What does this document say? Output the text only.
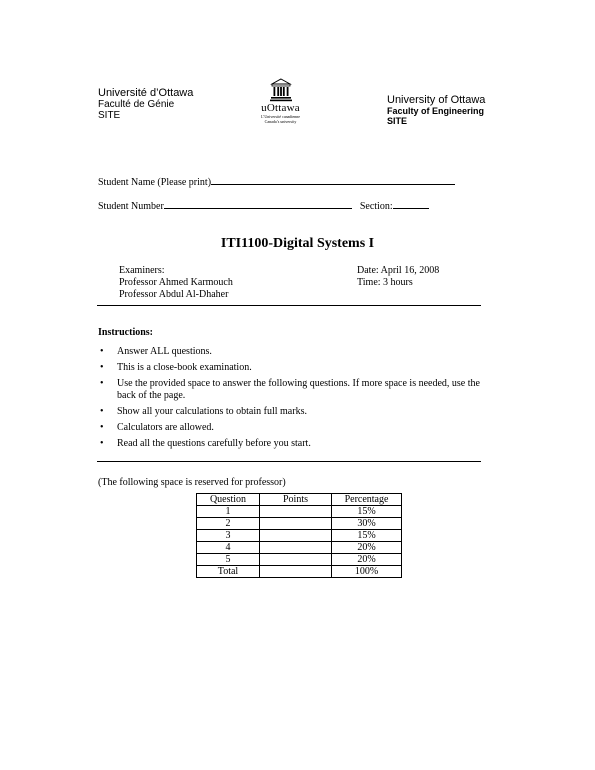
Université d’Ottawa
Faculté de Génie
SITE
uOttawa
L’Université canadienne
Canada’s university
University of Ottawa
Faculty of Engineering
SITE
Student Name (Please print)
Student Number	Section:
ITI1100-Digital Systems I
Examiners:
Professor Ahmed Karmouch
Professor Abdul Al-Dhaher
Date: April 16, 2008
Time: 3 hours
Instructions:
• Answer ALL questions.
• This is a close-book examination.
• Use the provided space to answer the following questions. If more space is needed, use the back of the page.
• Show all your calculations to obtain full marks.
• Calculators are allowed.
• Read all the questions carefully before you start.
(The following space is reserved for professor)
Question	Points	Percentage
1		15%
2		30%
3		15%
4		20%
5		20%
Total		100%
